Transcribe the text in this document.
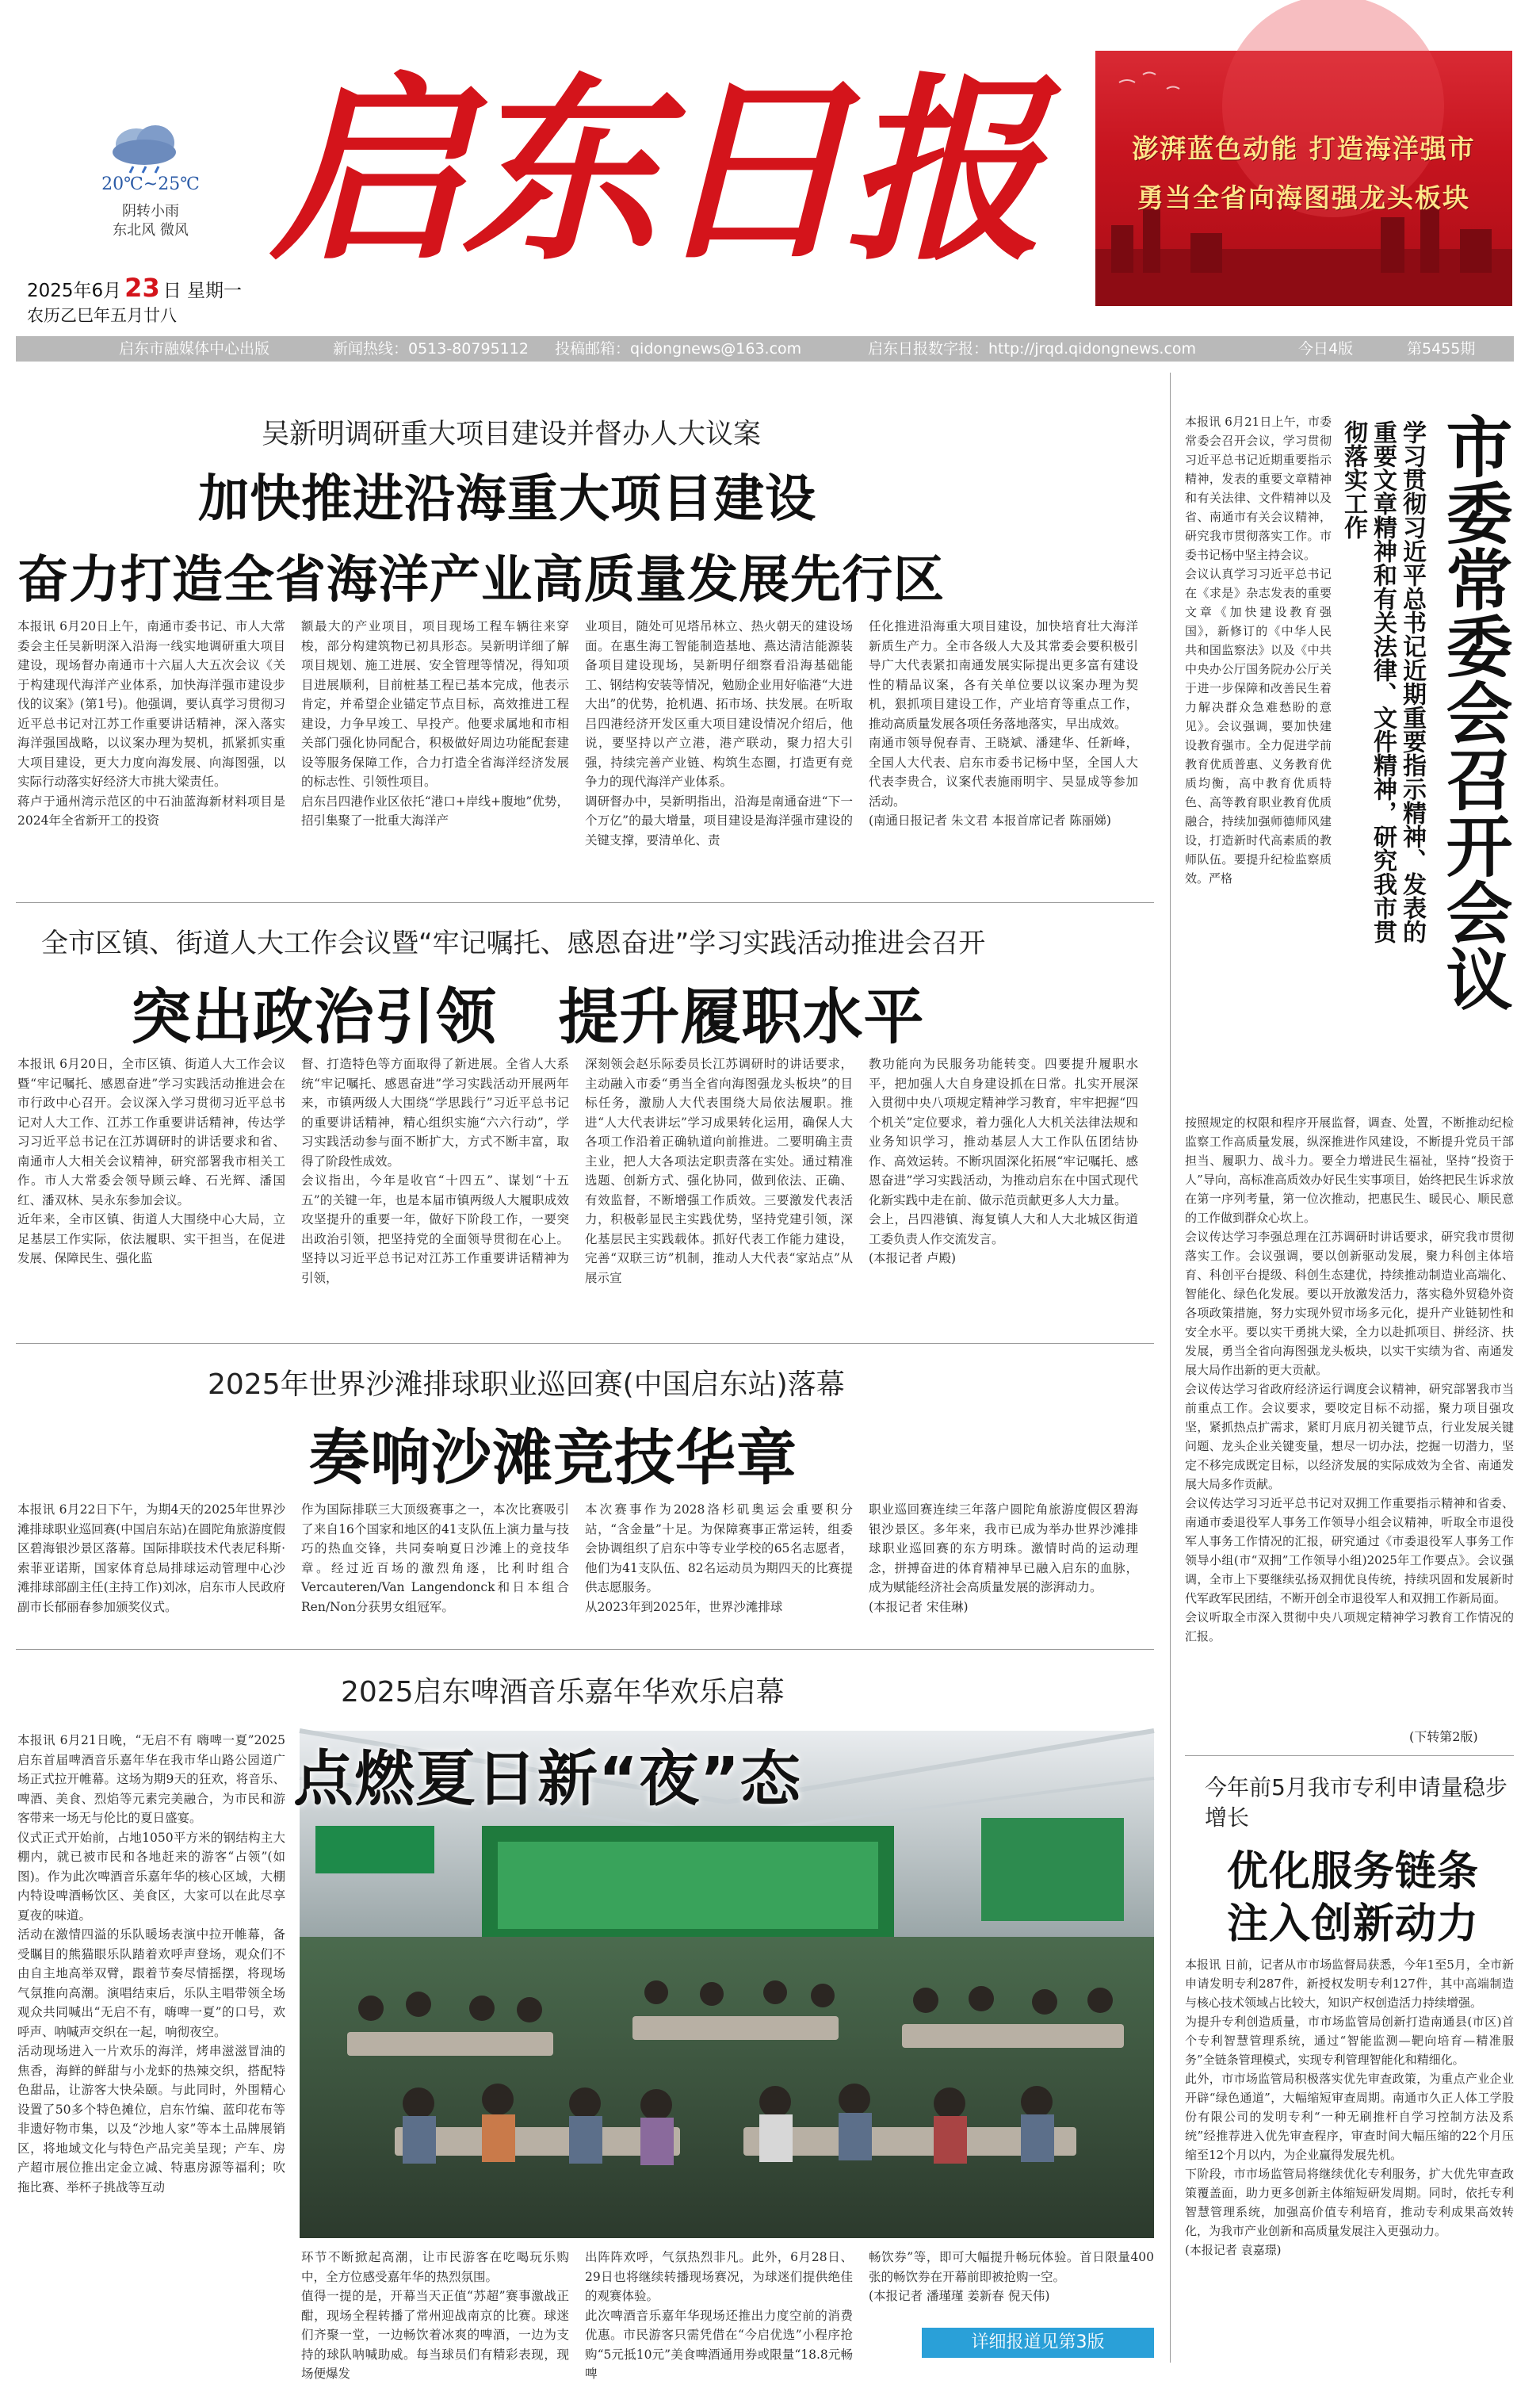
20℃~25℃
阴转小雨
东北风 微风
2025年6月 23 日 星期一
农历乙巳年五月廿八
启东日报	澎湃蓝色动能 打造海洋强市
勇当全省向海图强龙头板块
启东市融媒体中心出版	新闻热线：0513-80795112 投稿邮箱：qidongnews@163.com	启东日报数字报：http://jrqd.qidongnews.com	今日4版	第5455期
吴新明调研重大项目建设并督办人大议案
加快推进沿海重大项目建设
奋力打造全省海洋产业高质量发展先行区
本报讯 6月20日上午，南通市委书记、市人大常委会主任吴新明深入沿海一线实地调研重大项目建设，现场督办南通市十六届人大五次会议《关于构建现代海洋产业体系，加快海洋强市建设步伐的议案》(第1号)。他强调，要认真学习贯彻习近平总书记对江苏工作重要讲话精神，深入落实海洋强国战略，以议案办理为契机，抓紧抓实重大项目建设，更大力度向海发展、向海图强，以实际行动落实好经济大市挑大梁责任。
蒋卢于通州湾示范区的中石油蓝海新材料项目是2024年全省新开工的投资
额最大的产业项目，项目现场工程车辆往来穿梭，部分构建筑物已初具形态。吴新明详细了解项目规划、施工进展、安全管理等情况，得知项目进展顺利，目前桩基工程已基本完成，他表示肯定，并希望企业锚定节点目标，高效推进工程建设，力争早竣工、早投产。他要求属地和市相关部门强化协同配合，积极做好周边功能配套建设等服务保障工作，合力打造全省海洋经济发展的标志性、引领性项目。
启东吕四港作业区依托“港口+岸线+腹地”优势，招引集聚了一批重大海洋产
业项目，随处可见塔吊林立、热火朝天的建设场面。在惠生海工智能制造基地、燕达清洁能源装备项目建设现场，吴新明仔细察看沿海基础能工、钢结构安装等情况，勉励企业用好临港“大进大出”的优势，抢机遇、拓市场、扶发展。在听取吕四港经济开发区重大项目建设情况介绍后，他说，要坚持以产立港，港产联动，聚力招大引强，持续完善产业链、构筑生态圈，打造更有竞争力的现代海洋产业体系。
调研督办中，吴新明指出，沿海是南通奋进“下一个万亿”的最大增量，项目建设是海洋强市建设的关键支撑，要清单化、责
任化推进沿海重大项目建设，加快培育壮大海洋新质生产力。全市各级人大及其常委会要积极引导广大代表紧扣南通发展实际提出更多富有建设性的精品议案，各有关单位要以议案办理为契机，狠抓项目建设工作，产业培育等重点工作，推动高质量发展各项任务落地落实，早出成效。
南通市领导倪春青、王晓斌、潘建华、任新峰，全国人大代表、启东市委书记杨中坚，全国人大代表李贵合，议案代表施雨明宇、吴显成等参加活动。
(南通日报记者 朱文君 本报首席记者 陈丽娣)
全市区镇、街道人大工作会议暨“牢记嘱托、感恩奋进”学习实践活动推进会召开
突出政治引领 提升履职水平
本报讯 6月20日，全市区镇、街道人大工作会议暨“牢记嘱托、感恩奋进”学习实践活动推进会在市行政中心召开。会议深入学习贯彻习近平总书记对人大工作、江苏工作重要讲话精神，传达学习习近平总书记在江苏调研时的讲话要求和省、南通市人大相关会议精神，研究部署我市相关工作。市人大常委会领导顾云峰、石光辉、潘国红、潘双林、吴永东参加会议。
近年来，全市区镇、街道人大围绕中心大局，立足基层工作实际，依法履职、实干担当，在促进发展、保障民生、强化监
督、打造特色等方面取得了新进展。全省人大系统“牢记嘱托、感恩奋进”学习实践活动开展两年来，市镇两级人大围绕“学思践行”习近平总书记的重要讲话精神，精心组织实施“六六行动”，学习实践活动参与面不断扩大，方式不断丰富，取得了阶段性成效。
会议指出，今年是收官“十四五”、谋划“十五五”的关键一年，也是本届市镇两级人大履职成效攻坚提升的重要一年，做好下阶段工作，一要突出政治引领，把坚持党的全面领导贯彻在心上。坚持以习近平总书记对江苏工作重要讲话精神为引领，
深刻领会赵乐际委员长江苏调研时的讲话要求，主动融入市委“勇当全省向海图强龙头板块”的目标任务，激励人大代表围绕大局依法履职。推进“人大代表讲坛”学习成果转化运用，确保人大各项工作沿着正确轨道向前推进。二要明确主责主业，把人大各项法定职责落在实处。通过精准选题、创新方式、强化协同，做到依法、正确、有效监督，不断增强工作质效。三要激发代表活力，积极彰显民主实践优势，坚持党建引领，深化基层民主实践载体。抓好代表工作能力建设，完善“双联三访”机制，推动人大代表“家站点”从展示宣
教功能向为民服务功能转变。四要提升履职水平，把加强人大自身建设抓在日常。扎实开展深入贯彻中央八项规定精神学习教育，牢牢把握“四个机关”定位要求，着力强化人大机关法律法规和业务知识学习，推动基层人大工作队伍团结协作、高效运转。不断巩固深化拓展“牢记嘱托、感恩奋进”学习实践活动，为推动启东在中国式现代化新实践中走在前、做示范贡献更多人大力量。
会上，吕四港镇、海复镇人大和人大北城区街道工委负责人作交流发言。
(本报记者 卢殿)
2025年世界沙滩排球职业巡回赛(中国启东站)落幕
奏响沙滩竞技华章
本报讯 6月22日下午，为期4天的2025年世界沙滩排球职业巡回赛(中国启东站)在圆陀角旅游度假区碧海银沙景区落幕。国际排联技术代表尼科斯·索菲亚诺斯，国家体育总局排球运动管理中心沙滩排球部副主任(主持工作)刘冰，启东市人民政府副市长郁丽春参加颁奖仪式。
作为国际排联三大顶级赛事之一，本次比赛吸引了来自16个国家和地区的41支队伍上演力量与技巧的热血交锋，共同奏响夏日沙滩上的竞技华章。经过近百场的激烈角逐，比利时组合Vercauteren/Van Langendonck和日本组合Ren/Non分获男女组冠军。
本次赛事作为2028洛杉矶奥运会重要积分站，“含金量”十足。为保障赛事正常运转，组委会协调组织了启东中等专业学校的65名志愿者，他们为41支队伍、82名运动员为期四天的比赛提供志愿服务。
从2023年到2025年，世界沙滩排球
职业巡回赛连续三年落户圆陀角旅游度假区碧海银沙景区。多年来，我市已成为举办世界沙滩排球职业巡回赛的东方明珠。激情时尚的运动理念，拼搏奋进的体育精神早已融入启东的血脉，成为赋能经济社会高质量发展的澎湃动力。
(本报记者 宋佳琳)
2025启东啤酒音乐嘉年华欢乐启幕
本报讯 6月21日晚，“无启不有 嗨啤一夏”2025启东首届啤酒音乐嘉年华在我市华山路公园道广场正式拉开帷幕。这场为期9天的狂欢，将音乐、啤酒、美食、烈焰等元素完美融合，为市民和游客带来一场无与伦比的夏日盛宴。
仪式正式开始前，占地1050平方米的钢结构主大棚内，就已被市民和各地赶来的游客“占领”(如图)。作为此次啤酒音乐嘉年华的核心区域，大棚内特设啤酒畅饮区、美食区，大家可以在此尽享夏夜的味道。
活动在激情四溢的乐队暖场表演中拉开帷幕，备受瞩目的熊猫眼乐队踏着欢呼声登场，观众们不由自主地高举双臂，跟着节奏尽情摇摆，将现场气氛推向高潮。演唱结束后，乐队主唱带领全场观众共同喊出“无启不有，嗨啤一夏”的口号，欢呼声、呐喊声交织在一起，响彻夜空。
活动现场进入一片欢乐的海洋，烤串滋滋冒油的焦香，海鲜的鲜甜与小龙虾的热辣交织，搭配特色甜品，让游客大快朵颐。与此同时，外围精心设置了50多个特色摊位，启东竹编、蓝印花布等非遗好物市集，以及“沙地人家”等本土品牌展销区，将地域文化与特色产品完美呈现；产车、房产超市展位推出定金立减、特惠房源等福利；吹拖比赛、举杯子挑战等互动
点燃夏日新“夜”态
环节不断掀起高潮，让市民游客在吃喝玩乐购中，全方位感受嘉年华的热烈氛围。
值得一提的是，开幕当天正值“苏超”赛事激战正酣，现场全程转播了常州迎战南京的比赛。球迷们齐聚一堂，一边畅饮着冰爽的啤酒，一边为支持的球队呐喊助威。每当球员们有精彩表现，现场便爆发
出阵阵欢呼，气氛热烈非凡。此外，6月28日、29日也将继续转播现场赛况，为球迷们提供绝佳的观赛体验。
此次啤酒音乐嘉年华现场还推出力度空前的消费优惠。市民游客只需凭借在“今启优选”小程序抢购“5元抵10元”美食啤酒通用券或限量“18.8元畅啤
畅饮券”等，即可大幅提升畅玩体验。首日限量400张的畅饮券在开幕前即被抢购一空。
(本报记者 潘瑾瑾 姜新春 倪天伟)
详细报道见第3版
市委常委会召开会议
学习贯彻习近平总书记近期重要指示精神、发表的重要文章精神和有关法律、文件精神，研究我市贯彻落实工作
本报讯 6月21日上午，市委常委会召开会议，学习贯彻习近平总书记近期重要指示精神，发表的重要文章精神和有关法律、文件精神以及省、南通市有关会议精神，研究我市贯彻落实工作。市委书记杨中坚主持会议。
会议认真学习习近平总书记在《求是》杂志发表的重要文章《加快建设教育强国》，新修订的《中华人民共和国监察法》以及《中共中央办公厅国务院办公厅关于进一步保障和改善民生着力解决群众急难愁盼的意见》。会议强调，要加快建设教育强市。全力促进学前教育优质普惠、义务教育优质均衡，高中教育优质特色、高等教育职业教育优质融合，持续加强师德师风建设，打造新时代高素质的教师队伍。要提升纪检监察质效。严格
按照规定的权限和程序开展监督，调查、处置，不断推动纪检监察工作高质量发展，纵深推进作风建设，不断提升党员干部担当、履职力、战斗力。要全力增进民生福祉，坚持“投资于人”导向，高标准高质效办好民生实事项目，始终把民生诉求放在第一序列考量，第一位次推动，把惠民生、暖民心、顺民意的工作做到群众心坎上。
会议传达学习李强总理在江苏调研时讲话要求，研究我市贯彻落实工作。会议强调，要以创新驱动发展，聚力科创主体培育、科创平台提级、科创生态建优，持续推动制造业高端化、智能化、绿色化发展。要以开放激发活力，落实稳外贸稳外资各项政策措施，努力实现外贸市场多元化，提升产业链韧性和安全水平。要以实干勇挑大梁，全力以赴抓项目、拼经济、扶发展，勇当全省向海图强龙头板块，以实干实绩为省、南通发展大局作出新的更大贡献。
会议传达学习省政府经济运行调度会议精神，研究部署我市当前重点工作。会议要求，要咬定目标不动摇，聚力项目强攻坚，紧抓热点扩需求，紧盯月底月初关键节点，行业发展关键问题、龙头企业关键变量，想尽一切办法，挖掘一切潜力，坚定不移完成既定目标，以经济发展的实际成效为全省、南通发展大局多作贡献。
会议传达学习习近平总书记对双拥工作重要指示精神和省委、南通市委退役军人事务工作领导小组会议精神，听取全市退役军人事务工作情况的汇报，研究通过《市委退役军人事务工作领导小组(市“双拥”工作领导小组)2025年工作要点》。会议强调，全市上下要继续弘扬双拥优良传统，持续巩固和发展新时代军政军民团结，不断开创全市退役军人和双拥工作新局面。
会议听取全市深入贯彻中央八项规定精神学习教育工作情况的汇报。
(下转第2版)
今年前5月我市专利申请量稳步增长
优化服务链条
注入创新动力
本报讯 日前，记者从市市场监督局获悉，今年1至5月，全市新申请发明专利287件，新授权发明专利127件，其中高端制造与核心技术领域占比较大，知识产权创造活力持续增强。
为提升专利创造质量，市市场监管局创新打造南通县(市区)首个专利智慧管理系统，通过“智能监测—靶向培育—精准服务”全链条管理模式，实现专利管理智能化和精细化。
此外，市市场监管局积极落实优先审查政策，为重点产业企业开辟“绿色通道”，大幅缩短审查周期。南通市久正人体工学股份有限公司的发明专利“一种无刷推杆自学习控制方法及系统”经推荐进入优先审查程序，审查时间大幅压缩的22个月压缩至12个月以内，为企业赢得发展先机。
下阶段，市市场监管局将继续优化专利服务，扩大优先审查政策覆盖面，助力更多创新主体缩短研发周期。同时，依托专利智慧管理系统，加强高价值专利培育，推动专利成果高效转化，为我市产业创新和高质量发展注入更强动力。
(本报记者 袁嘉璟)
